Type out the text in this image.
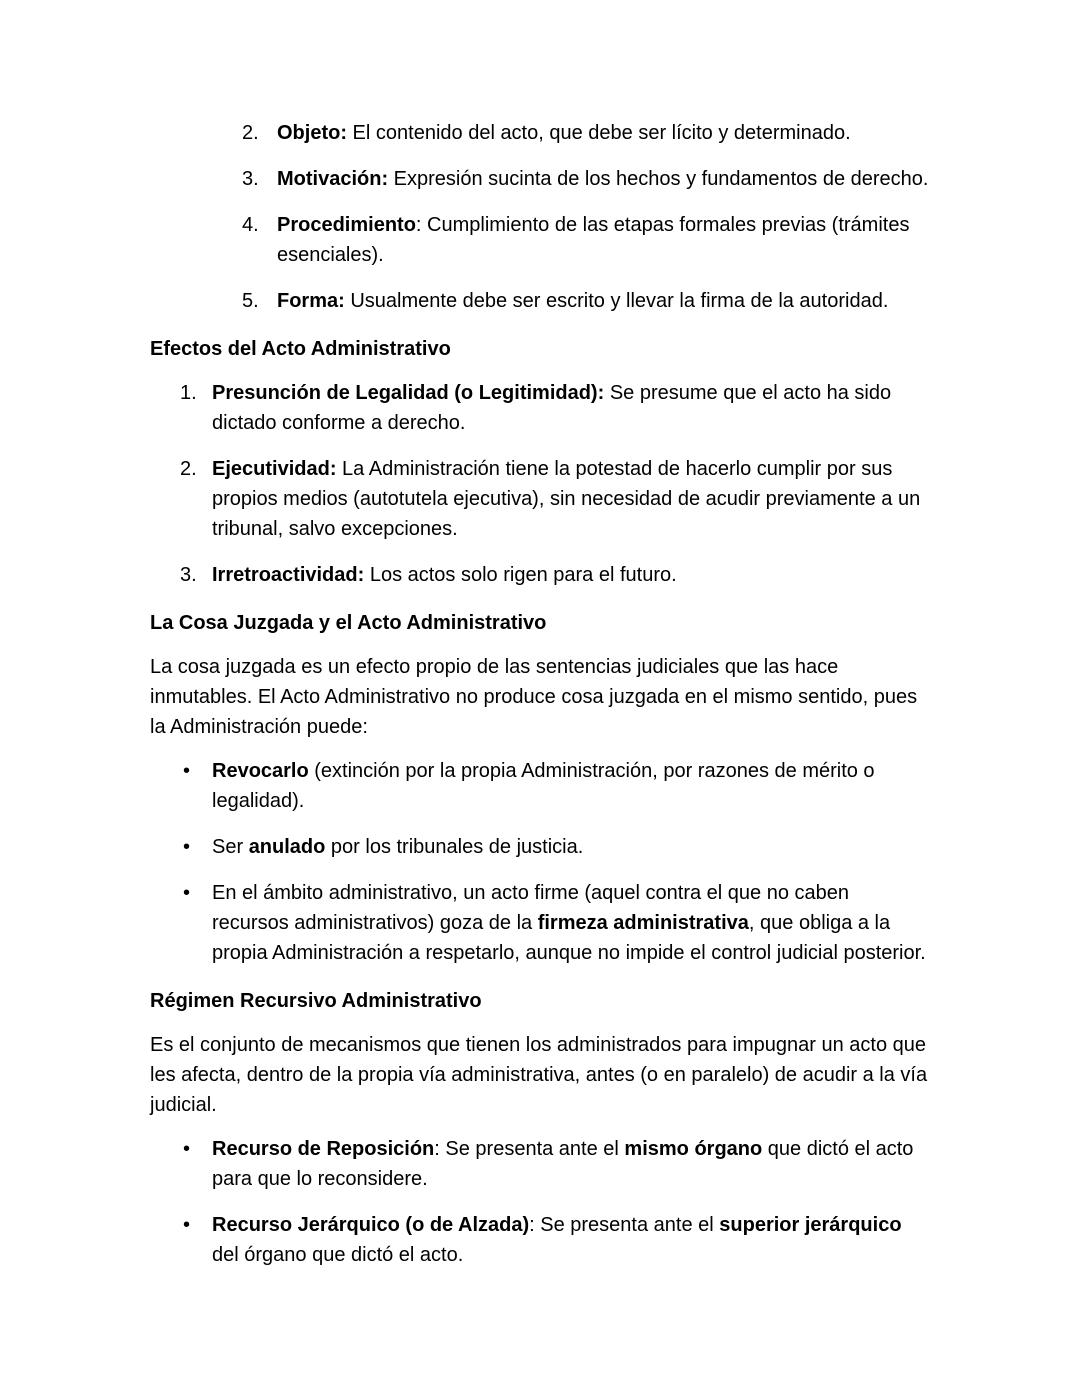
2. Objeto: El contenido del acto, que debe ser lícito y determinado.
3. Motivación: Expresión sucinta de los hechos y fundamentos de derecho.
4. Procedimiento: Cumplimiento de las etapas formales previas (trámites esenciales).
5. Forma: Usualmente debe ser escrito y llevar la firma de la autoridad.
Efectos del Acto Administrativo
1. Presunción de Legalidad (o Legitimidad): Se presume que el acto ha sido dictado conforme a derecho.
2. Ejecutividad: La Administración tiene la potestad de hacerlo cumplir por sus propios medios (autotutela ejecutiva), sin necesidad de acudir previamente a un tribunal, salvo excepciones.
3. Irretroactividad: Los actos solo rigen para el futuro.
La Cosa Juzgada y el Acto Administrativo
La cosa juzgada es un efecto propio de las sentencias judiciales que las hace inmutables. El Acto Administrativo no produce cosa juzgada en el mismo sentido, pues la Administración puede:
• Revocarlo (extinción por la propia Administración, por razones de mérito o legalidad).
• Ser anulado por los tribunales de justicia.
• En el ámbito administrativo, un acto firme (aquel contra el que no caben recursos administrativos) goza de la firmeza administrativa, que obliga a la propia Administración a respetarlo, aunque no impide el control judicial posterior.
Régimen Recursivo Administrativo
Es el conjunto de mecanismos que tienen los administrados para impugnar un acto que les afecta, dentro de la propia vía administrativa, antes (o en paralelo) de acudir a la vía judicial.
• Recurso de Reposición: Se presenta ante el mismo órgano que dictó el acto para que lo reconsidere.
• Recurso Jerárquico (o de Alzada): Se presenta ante el superior jerárquico del órgano que dictó el acto.
